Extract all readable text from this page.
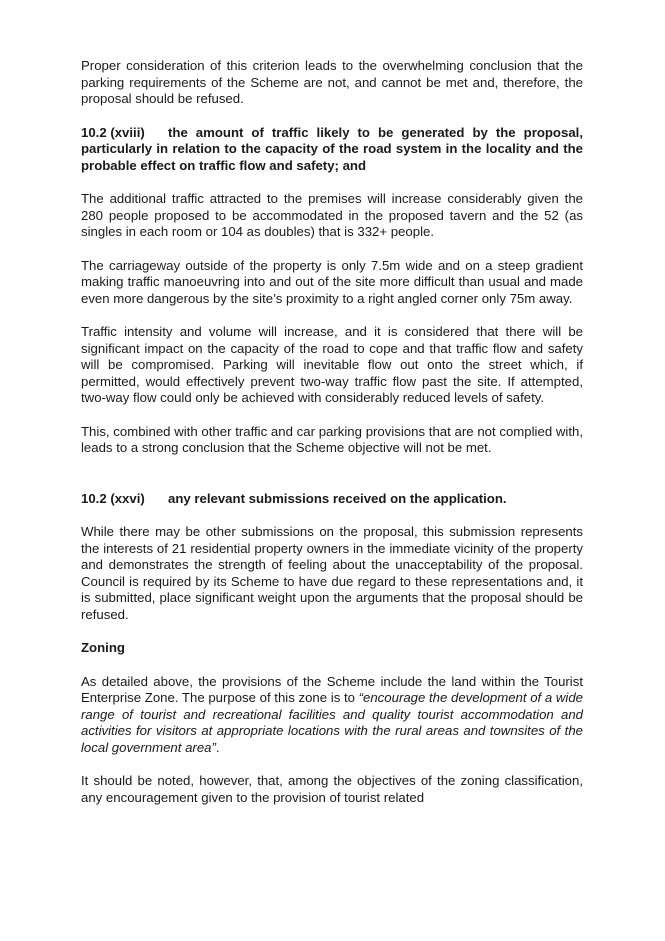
Proper consideration of this criterion leads to the overwhelming conclusion that the parking requirements of the Scheme are not, and cannot be met and, therefore, the proposal should be refused.

10.2 (xviii) the amount of traffic likely to be generated by the proposal, particularly in relation to the capacity of the road system in the locality and the probable effect on traffic flow and safety; and

The additional traffic attracted to the premises will increase considerably given the 280 people proposed to be accommodated in the proposed tavern and the 52 (as singles in each room or 104 as doubles) that is 332+ people.

The carriageway outside of the property is only 7.5m wide and on a steep gradient making traffic manoeuvring into and out of the site more difficult than usual and made even more dangerous by the site’s proximity to a right angled corner only 75m away.

Traffic intensity and volume will increase, and it is considered that there will be significant impact on the capacity of the road to cope and that traffic flow and safety will be compromised. Parking will inevitable flow out onto the street which, if permitted, would effectively prevent two-way traffic flow past the site. If attempted, two-way flow could only be achieved with considerably reduced levels of safety.

This, combined with other traffic and car parking provisions that are not complied with, leads to a strong conclusion that the Scheme objective will not be met.

10.2 (xxvi) any relevant submissions received on the application.

While there may be other submissions on the proposal, this submission represents the interests of 21 residential property owners in the immediate vicinity of the property and demonstrates the strength of feeling about the unacceptability of the proposal. Council is required by its Scheme to have due regard to these representations and, it is submitted, place significant weight upon the arguments that the proposal should be refused.

Zoning

As detailed above, the provisions of the Scheme include the land within the Tourist Enterprise Zone. The purpose of this zone is to “encourage the development of a wide range of tourist and recreational facilities and quality tourist accommodation and activities for visitors at appropriate locations with the rural areas and townsites of the local government area”.

It should be noted, however, that, among the objectives of the zoning classification, any encouragement given to the provision of tourist related
